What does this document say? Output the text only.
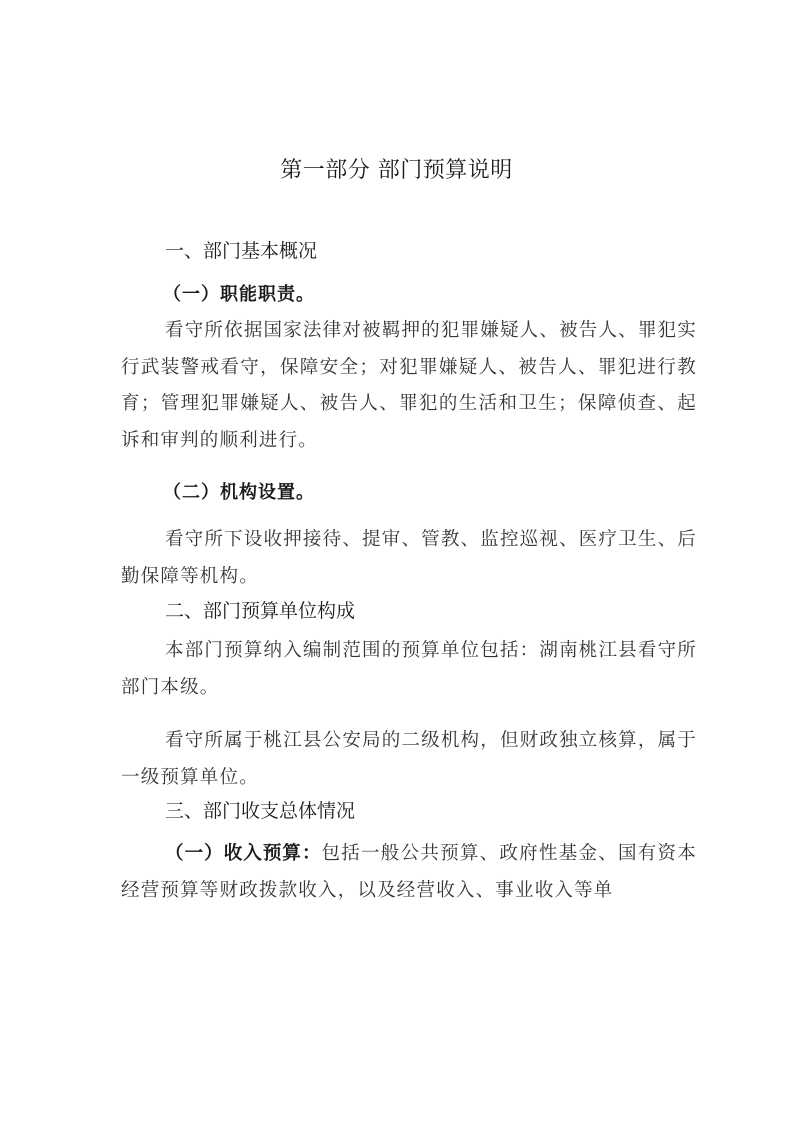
第一部分 部门预算说明
一、部门基本概况
（一）职能职责。

看守所依据国家法律对被羁押的犯罪嫌疑人、被告人、罪犯实行武装警戒看守，保障安全；对犯罪嫌疑人、被告人、罪犯进行教育；管理犯罪嫌疑人、被告人、罪犯的生活和卫生；保障侦查、起诉和审判的顺利进行。

（二）机构设置。

看守所下设收押接待、提审、管教、监控巡视、医疗卫生、后勤保障等机构。

二、部门预算单位构成

本部门预算纳入编制范围的预算单位包括：湖南桃江县看守所部门本级。

看守所属于桃江县公安局的二级机构，但财政独立核算，属于一级预算单位。

三、部门收支总体情况

（一）收入预算：包括一般公共预算、政府性基金、国有资本经营预算等财政拨款收入，以及经营收入、事业收入等单
